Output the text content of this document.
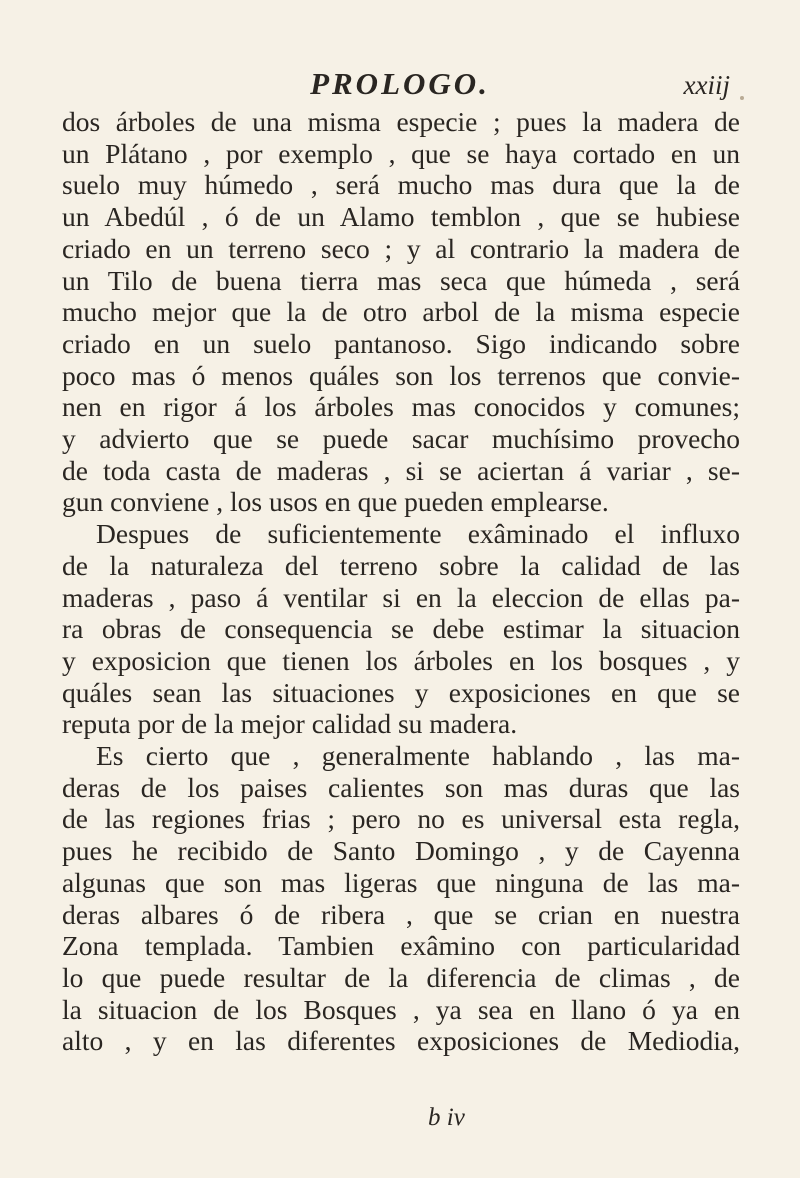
PROLOGO.	xxiij

dos árboles de una misma especie ; pues la madera de

un Plátano , por exemplo , que se haya cortado en un

suelo muy húmedo , será mucho mas dura que la de

un Abedúl , ó de un Alamo temblon , que se hubiese

criado en un terreno seco ; y al contrario la madera de

un Tilo de buena tierra mas seca que húmeda , será

mucho mejor que la de otro arbol de la misma especie

criado en un suelo pantanoso. Sigo indicando sobre

poco mas ó menos quáles son los terrenos que convie-

nen en rigor á los árboles mas conocidos y comunes;

y advierto que se puede sacar muchísimo provecho

de toda casta de maderas , si se aciertan á variar , se-

gun conviene , los usos en que pueden emplearse.

Despues de suficientemente exâminado el influxo

de la naturaleza del terreno sobre la calidad de las

maderas , paso á ventilar si en la eleccion de ellas pa-

ra obras de consequencia se debe estimar la situacion

y exposicion que tienen los árboles en los bosques , y

quáles sean las situaciones y exposiciones en que se

reputa por de la mejor calidad su madera.

Es cierto que , generalmente hablando , las ma-

deras de los paises calientes son mas duras que las

de las regiones frias ; pero no es universal esta regla,

pues he recibido de Santo Domingo , y de Cayenna

algunas que son mas ligeras que ninguna de las ma-

deras albares ó de ribera , que se crian en nuestra

Zona templada. Tambien exâmino con particularidad

lo que puede resultar de la diferencia de climas , de

la situacion de los Bosques , ya sea en llano ó ya en

alto , y en las diferentes exposiciones de Mediodia,

b iv
